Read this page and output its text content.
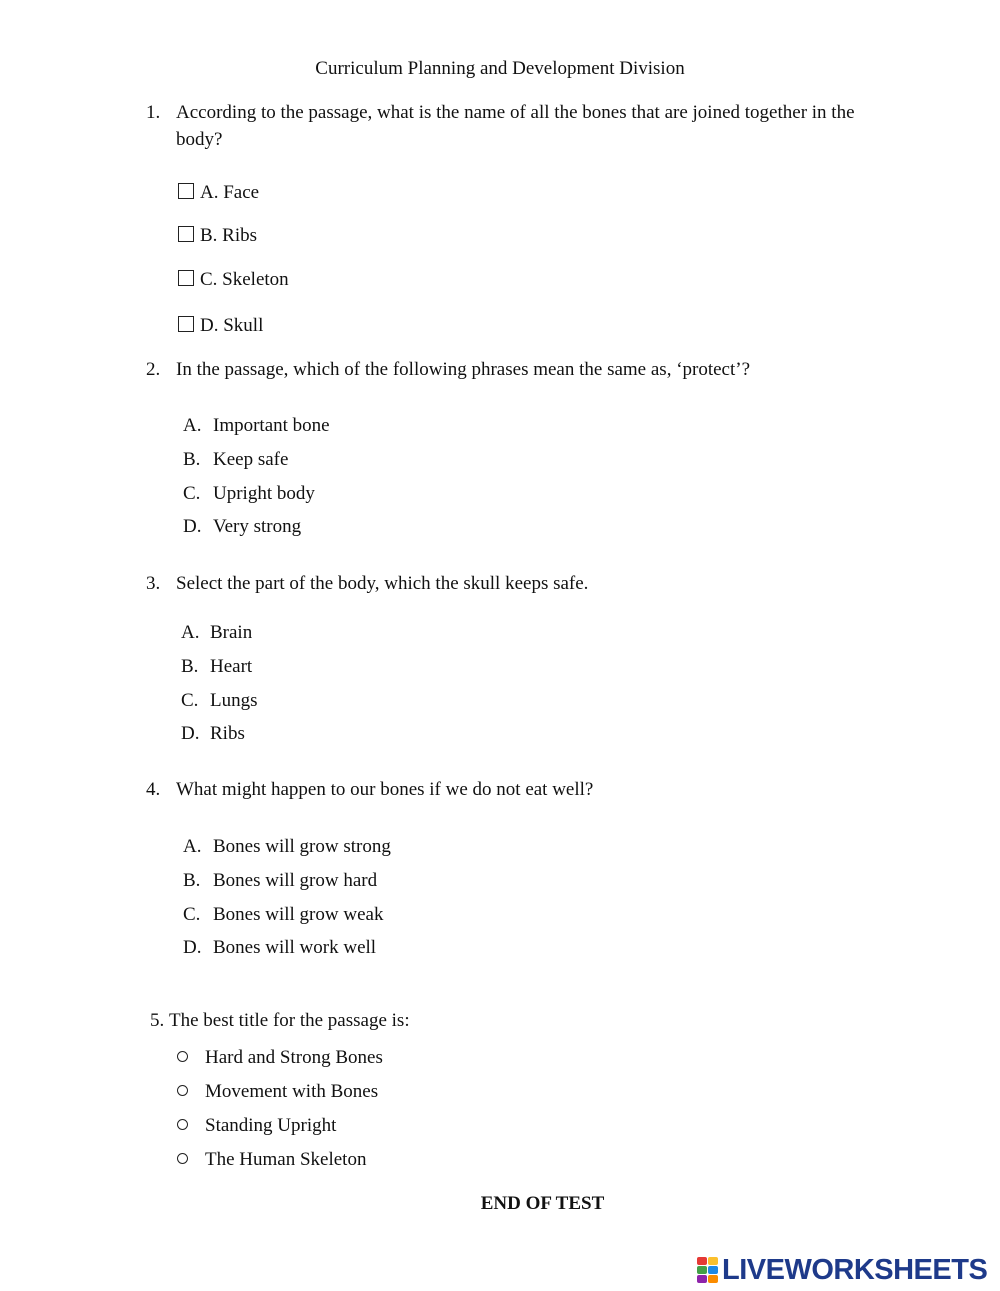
Curriculum Planning and Development Division
1. According to the passage, what is the name of all the bones that are joined together in the
body?
A. Face
B. Ribs
C. Skeleton
D. Skull
2. In the passage, which of the following phrases mean the same as, ‘protect’?
A. Important bone
B. Keep safe
C. Upright body
D. Very strong
3. Select the part of the body, which the skull keeps safe.
A. Brain
B. Heart
C. Lungs
D. Ribs
4. What might happen to our bones if we do not eat well?
A. Bones will grow strong
B. Bones will grow hard
C. Bones will grow weak
D. Bones will work well
5. The best title for the passage is:
Hard and Strong Bones
Movement with Bones
Standing Upright
The Human Skeleton
END OF TEST
LIVEWORKSHEETS
